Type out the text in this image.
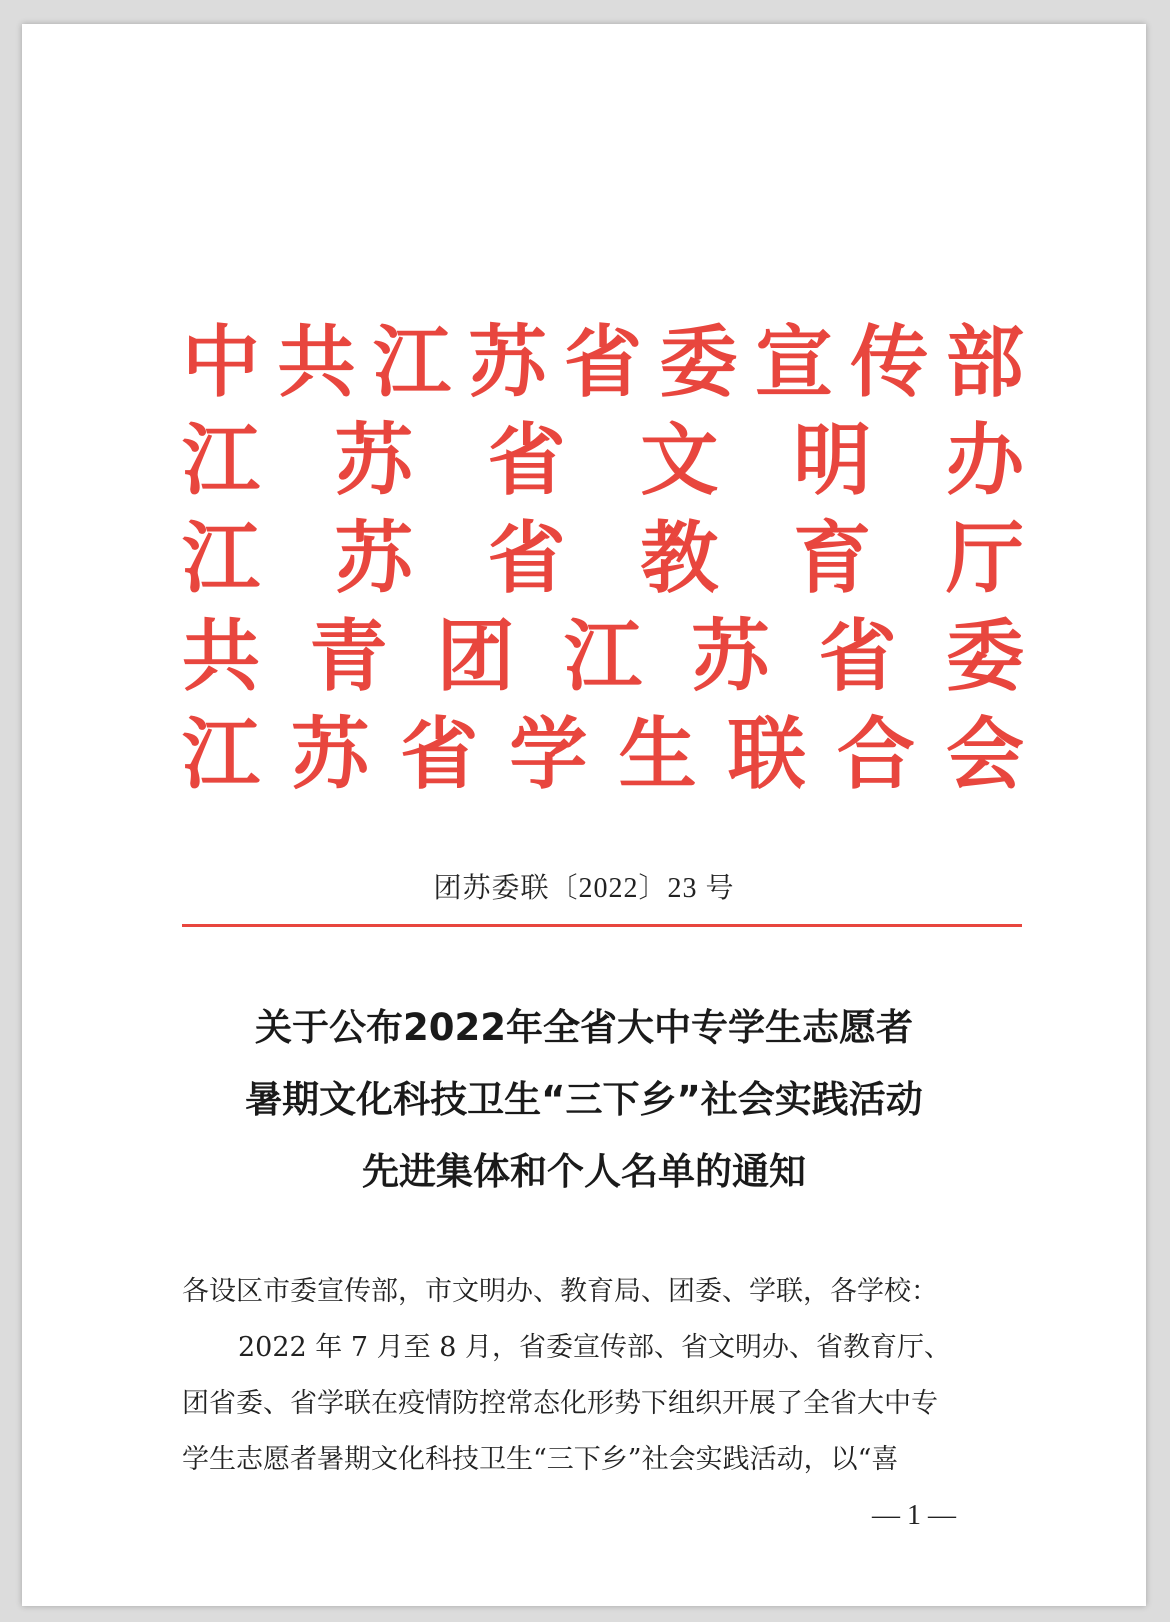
中 共 江 苏 省 委 宣 传 部
江 苏 省 文 明 办
江 苏 省 教 育 厅
共 青 团 江 苏 省 委
江 苏 省 学 生 联 合 会
团苏委联〔2022〕23 号
关于公布2022年全省大中专学生志愿者
暑期文化科技卫生“三下乡”社会实践活动
先进集体和个人名单的通知

各设区市委宣传部，市文明办、教育局、团委、学联，各学校：

2022 年 7 月至 8 月，省委宣传部、省文明办、省教育厅、

团省委、省学联在疫情防控常态化形势下组织开展了全省大中专

学生志愿者暑期文化科技卫生“三下乡”社会实践活动，以“喜

— 1 —
